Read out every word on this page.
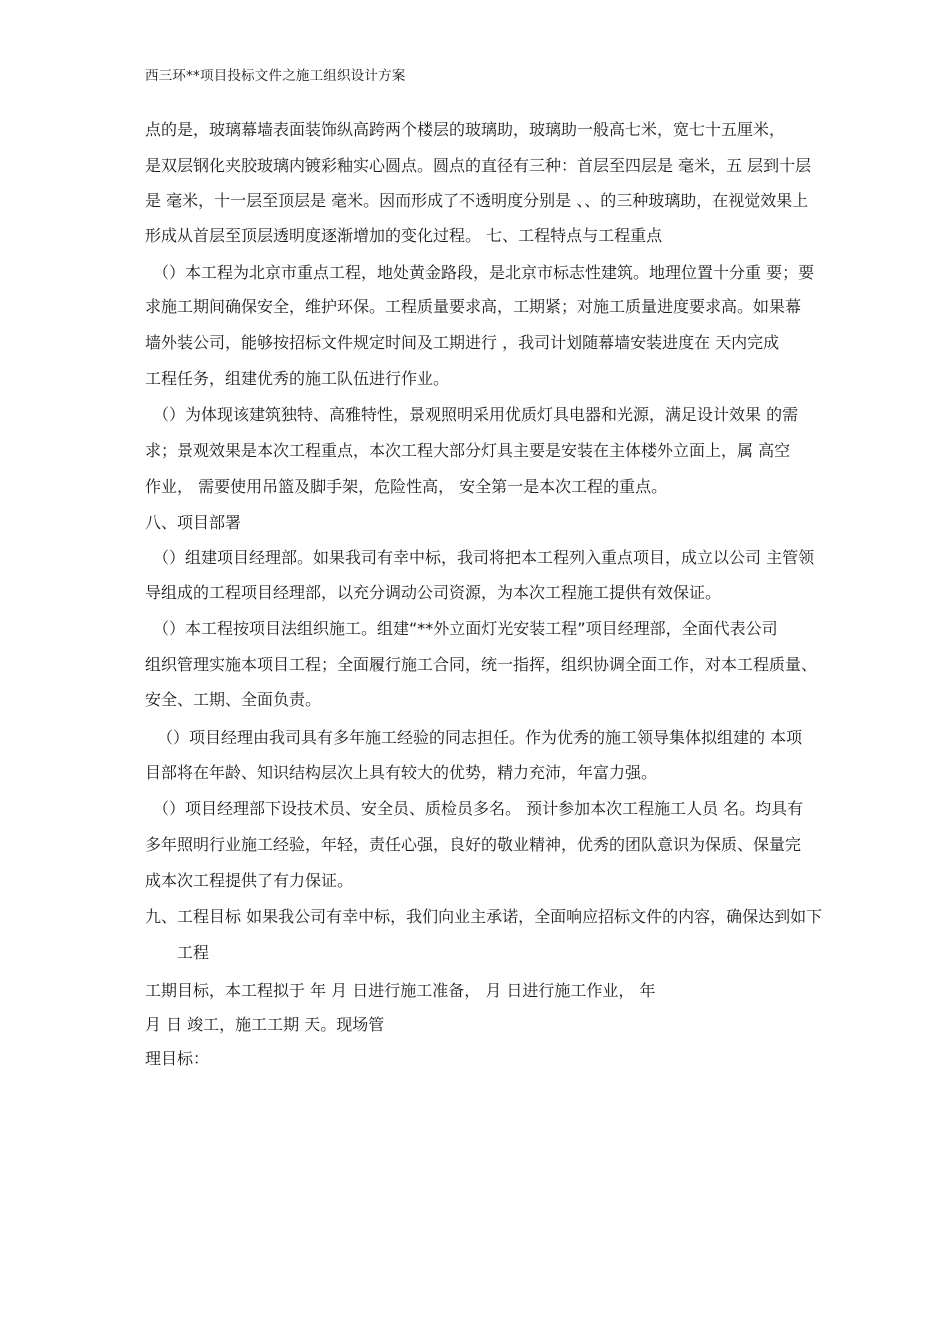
西三环**项目投标文件之施工组织设计方案
点的是，玻璃幕墙表面装饰纵高跨两个楼层的玻璃助，玻璃助一般高七米，宽七十五厘米，
是双层钢化夹胶玻璃内镀彩釉实心圆点。圆点的直径有三种：首层至四层是 毫米，五 层到十层
是 毫米，十一层至顶层是 毫米。因而形成了不透明度分别是 、、的三种玻璃助，在视觉效果上
形成从首层至顶层透明度逐渐增加的变化过程。 七、工程特点与工程重点
（）本工程为北京市重点工程，地处黄金路段，是北京市标志性建筑。地理位置十分重 要；要
求施工期间确保安全，维护环保。工程质量要求高，工期紧；对施工质量进度要求高。如果幕
墙外装公司，能够按招标文件规定时间及工期进行 ，我司计划随幕墙安装进度在 天内完成
工程任务，组建优秀的施工队伍进行作业。
（）为体现该建筑独特、高雅特性，景观照明采用优质灯具电器和光源，满足设计效果 的需
求；景观效果是本次工程重点，本次工程大部分灯具主要是安装在主体楼外立面上，属 高空
作业， 需要使用吊篮及脚手架，危险性高， 安全第一是本次工程的重点。
八、项目部署
（）组建项目经理部。如果我司有幸中标，我司将把本工程列入重点项目，成立以公司 主管领
导组成的工程项目经理部，以充分调动公司资源，为本次工程施工提供有效保证。
（）本工程按项目法组织施工。组建“**外立面灯光安装工程”项目经理部，全面代表公司
组织管理实施本项目工程；全面履行施工合同，统一指挥，组织协调全面工作，对本工程质量、
安全、工期、全面负责。
（）项目经理由我司具有多年施工经验的同志担任。作为优秀的施工领导集体拟组建的 本项
目部将在年龄、知识结构层次上具有较大的优势，精力充沛，年富力强。
（）项目经理部下设技术员、安全员、质检员多名。 预计参加本次工程施工人员 名。均具有
多年照明行业施工经验，年轻，责任心强，良好的敬业精神，优秀的团队意识为保质、保量完
成本次工程提供了有力保证。
九、工程目标 如果我公司有幸中标，我们向业主承诺，全面响应招标文件的内容，确保达到如下
工程
工期目标，本工程拟于 年 月 日进行施工准备， 月 日进行施工作业， 年
月 日 竣工，施工工期 天。现场管
理目标：
